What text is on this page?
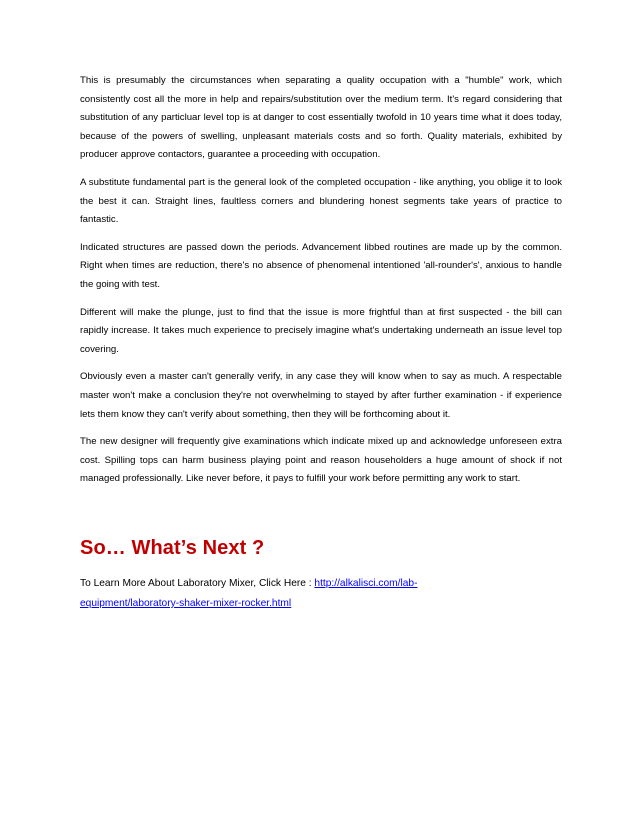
This is presumably the circumstances when separating a quality occupation with a "humble" work, which consistently cost all the more in help and repairs/substitution over the medium term. It's regard considering that substitution of any particluar level top is at danger to cost essentially twofold in 10 years time what it does today, because of the powers of swelling, unpleasant materials costs and so forth. Quality materials, exhibited by producer approve contactors, guarantee a proceeding with occupation.

A substitute fundamental part is the general look of the completed occupation - like anything, you oblige it to look the best it can. Straight lines, faultless corners and blundering honest segments take years of practice to fantastic.

Indicated structures are passed down the periods. Advancement libbed routines are made up by the common. Right when times are reduction, there's no absence of phenomenal intentioned 'all-rounder's', anxious to handle the going with test.

Different will make the plunge, just to find that the issue is more frightful than at first suspected - the bill can rapidly increase. It takes much experience to precisely imagine what's undertaking underneath an issue level top covering.

Obviously even a master can't generally verify, in any case they will know when to say as much. A respectable master won't make a conclusion they're not overwhelming to stayed by after further examination - if experience lets them know they can't verify about something, then they will be forthcoming about it.

The new designer will frequently give examinations which indicate mixed up and acknowledge unforeseen extra cost. Spilling tops can harm business playing point and reason householders a huge amount of shock if not managed professionally. Like never before, it pays to fulfill your work before permitting any work to start.

So… What’s Next ?

To Learn More About Laboratory Mixer, Click Here : http://alkalisci.com/lab-equipment/laboratory-shaker-mixer-rocker.html
